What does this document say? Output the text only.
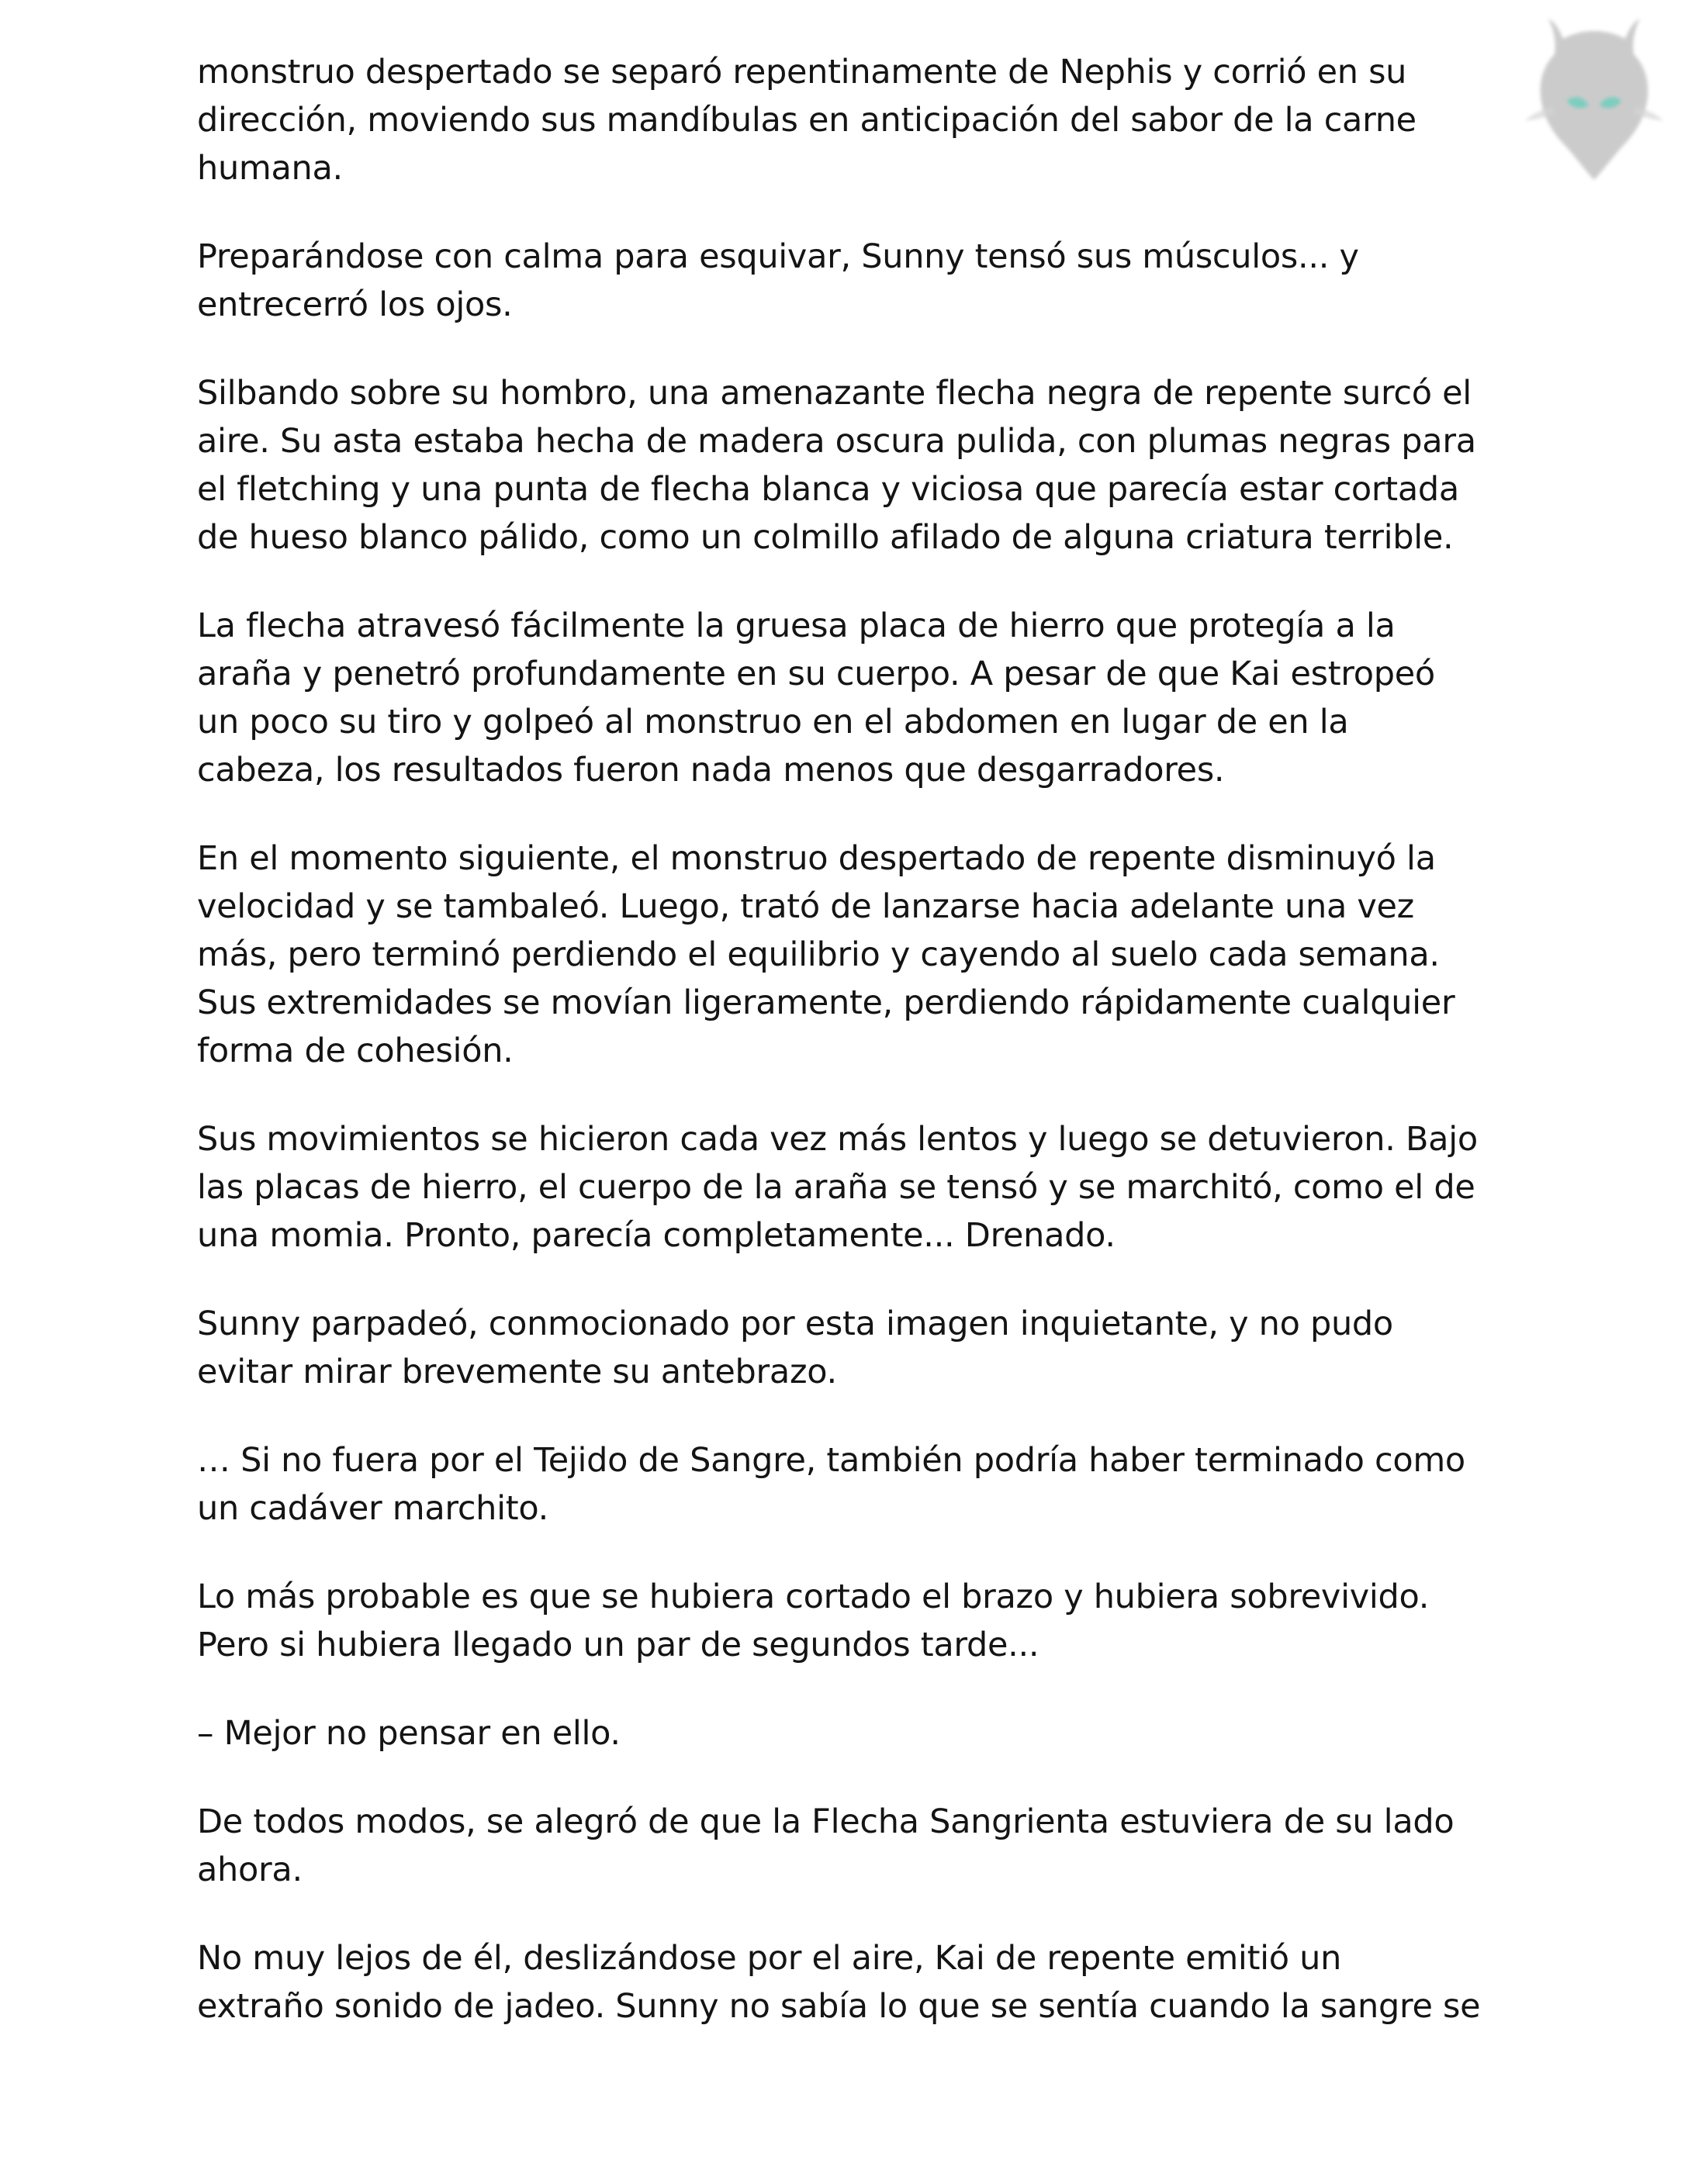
monstruo despertado se separó repentinamente de Nephis y corrió en su
dirección, moviendo sus mandíbulas en anticipación del sabor de la carne
humana.

Preparándose con calma para esquivar, Sunny tensó sus músculos... y
entrecerró los ojos.

Silbando sobre su hombro, una amenazante flecha negra de repente surcó el
aire. Su asta estaba hecha de madera oscura pulida, con plumas negras para
el fletching y una punta de flecha blanca y viciosa que parecía estar cortada
de hueso blanco pálido, como un colmillo afilado de alguna criatura terrible.

La flecha atravesó fácilmente la gruesa placa de hierro que protegía a la
araña y penetró profundamente en su cuerpo. A pesar de que Kai estropeó
un poco su tiro y golpeó al monstruo en el abdomen en lugar de en la
cabeza, los resultados fueron nada menos que desgarradores.

En el momento siguiente, el monstruo despertado de repente disminuyó la
velocidad y se tambaleó. Luego, trató de lanzarse hacia adelante una vez
más, pero terminó perdiendo el equilibrio y cayendo al suelo cada semana.
Sus extremidades se movían ligeramente, perdiendo rápidamente cualquier
forma de cohesión.

Sus movimientos se hicieron cada vez más lentos y luego se detuvieron. Bajo
las placas de hierro, el cuerpo de la araña se tensó y se marchitó, como el de
una momia. Pronto, parecía completamente... Drenado.

Sunny parpadeó, conmocionado por esta imagen inquietante, y no pudo
evitar mirar brevemente su antebrazo.

… Si no fuera por el Tejido de Sangre, también podría haber terminado como
un cadáver marchito.

Lo más probable es que se hubiera cortado el brazo y hubiera sobrevivido.
Pero si hubiera llegado un par de segundos tarde...

– Mejor no pensar en ello.

De todos modos, se alegró de que la Flecha Sangrienta estuviera de su lado
ahora.

No muy lejos de él, deslizándose por el aire, Kai de repente emitió un
extraño sonido de jadeo. Sunny no sabía lo que se sentía cuando la sangre se
